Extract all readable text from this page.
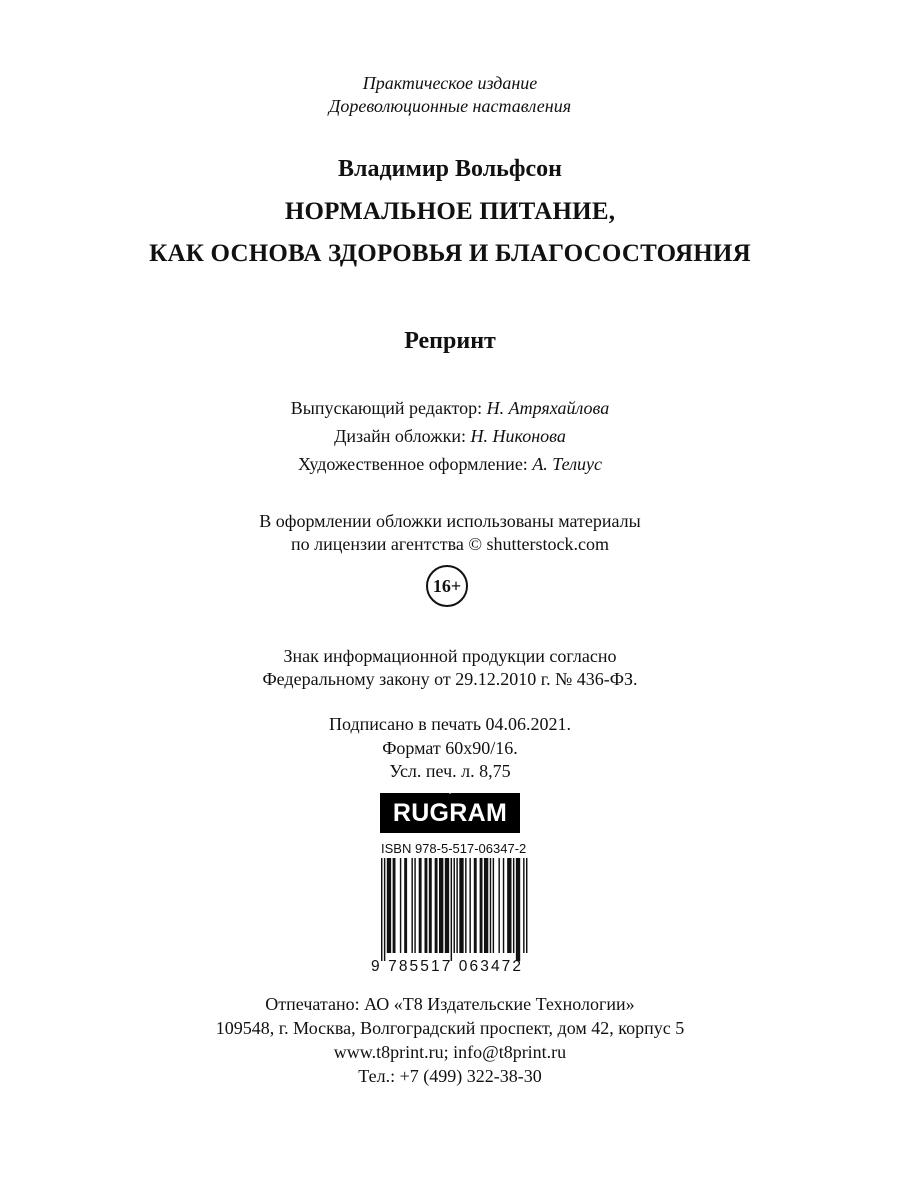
Практическое издание
Дореволюционные наставления
Владимир Вольфсон
НОРМАЛЬНОЕ ПИТАНИЕ,
КАК ОСНОВА ЗДОРОВЬЯ И БЛАГОСОСТОЯНИЯ
Репринт
Выпускающий редактор: Н. Атряхайлова
Дизайн обложки: Н. Никонова
Художественное оформление: А. Телиус
В оформлении обложки использованы материалы
по лицензии агентства © shutterstock.com
16+
Знак информационной продукции согласно
Федеральному закону от 29.12.2010 г. № 436-ФЗ.
Подписано в печать 04.06.2021.
Формат 60х90/16.
Усл. печ. л. 8,75
RUGRAM
ISBN 978-5-517-06347-2
9 785517 063472
Отпечатано: АО «Т8 Издательские Технологии»
109548, г. Москва, Волгоградский проспект, дом 42, корпус 5
www.t8print.ru; info@t8print.ru
Тел.: +7 (499) 322-38-30
